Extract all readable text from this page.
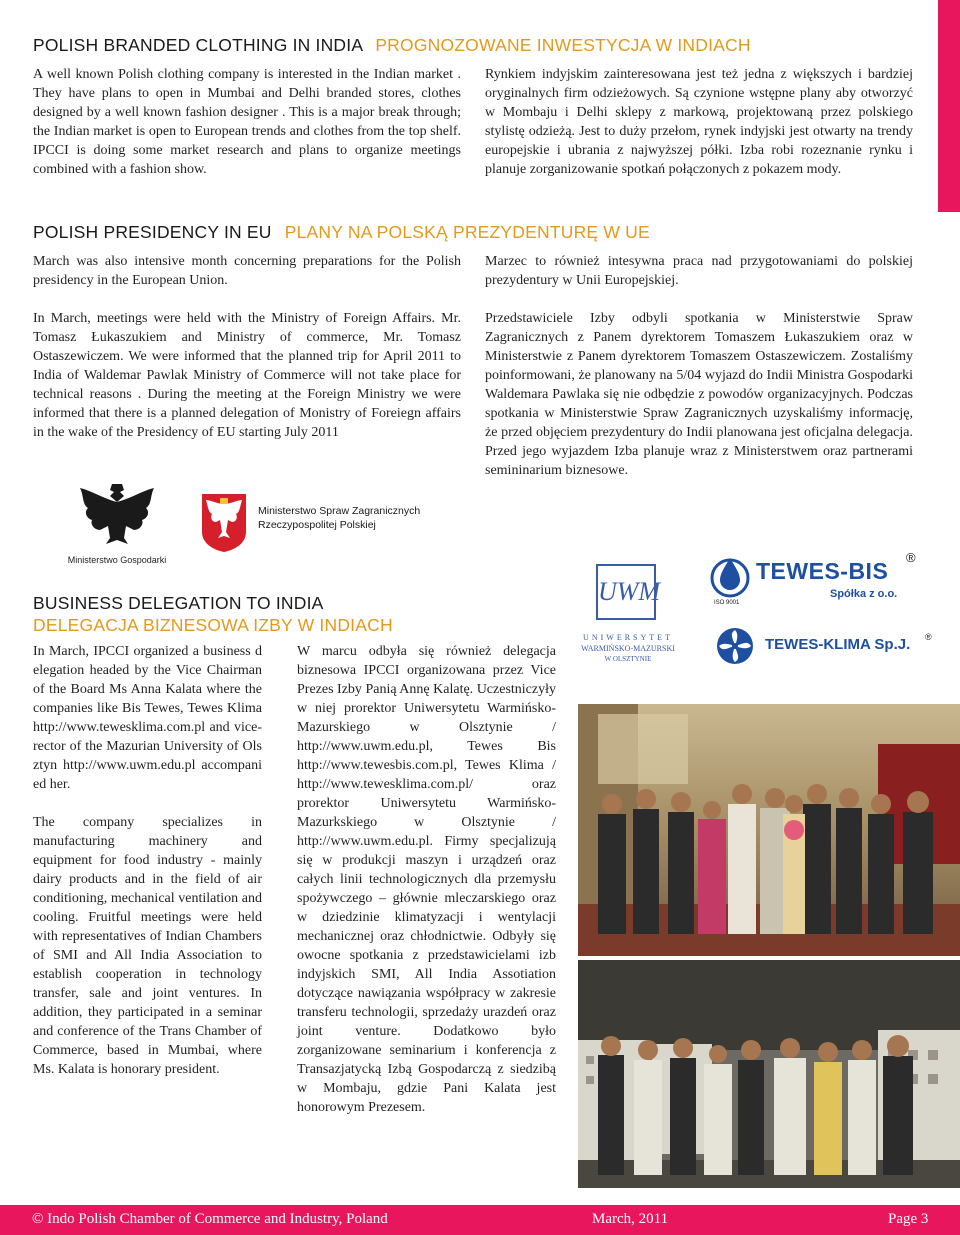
POLISH BRANDED CLOTHING IN INDIA PROGNOZOWANE INWESTYCJA W INDIACH

A well known Polish clothing company is interested in the Indian market . They have plans to open in Mumbai and Delhi branded stores, clothes designed by a well known fashion designer . This is a major break through; the Indian market is open to European trends and clothes from the top shelf. IPCCI is doing some market research and plans to organize meetings combined with a fashion show.

Rynkiem indyjskim zainteresowana jest też jedna z większych i bardziej oryginalnych firm odzieżowych. Są czynione wstępne plany aby otworzyć w Mombaju i Delhi sklepy z markową, projektowaną przez polskiego stylistę odzieżą. Jest to duży przełom, rynek indyjski jest otwarty na trendy europejskie i ubrania z najwyższej półki. Izba robi rozeznanie rynku i planuje zorganizowanie spotkań połączonych z pokazem mody.

POLISH PRESIDENCY IN EU PLANY NA POLSKĄ PREZYDENTURĘ W UE

March was also intensive month concerning preparations for the Polish presidency in the European Union.

In March, meetings were held with the Ministry of Foreign Affairs. Mr. Tomasz Łukaszukiem and Ministry of commerce, Mr. Tomasz Ostaszewiczem. We were informed that the planned trip for April 2011 to India of Waldemar Pawlak Ministry of Commerce will not take place for technical reasons . During the meeting at the Foreign Ministry we were informed that there is a planned delegation of Monistry of Foreiegn affairs in the wake of the Presidency of EU starting July 2011

Marzec to również intesywna praca nad przygotowaniami do polskiej prezydentury w Unii Europejskiej.

Przedstawiciele Izby odbyli spotkania w Ministerstwie Spraw Zagranicznych z Panem dyrektorem Tomaszem Łukaszukiem oraz w Ministerstwie z Panem dyrektorem Tomaszem Ostaszewiczem. Zostaliśmy poinformowani, że planowany na 5/04 wyjazd do Indii Ministra Gospodarki Waldemara Pawlaka się nie odbędzie z powodów organizacyjnych. Podczas spotkania w Ministerstwie Spraw Zagranicznych uzyskaliśmy informację, że przed objęciem prezydentury do Indii planowana jest oficjalna delegacja. Przed jego wyjazdem Izba planuje wraz z Ministerstwem oraz partnerami semininarium biznesowe.

Ministerstwo Gospodarki
Ministerstwo Spraw Zagranicznych
Rzeczypospolitej Polskiej
BUSINESS DELEGATION TO INDIA
DELEGACJA BIZNESOWA IZBY W INDIACH

In March, IPCCI organized a business delegation headed by the Vice Chairman of the Board Ms Anna Kalata where the companies like Bis Tewes, Tewes Klima http://www.tewesklima.com.pl and vice-rector of the Mazurian University of Olsztyn http://www.uwm.edu.pl accompanied her.

The company specializes in manufacturing machinery and equipment for food industry - mainly dairy products and in the field of air conditioning, mechanical ventilation and cooling. Fruitful meetings were held with representatives of Indian Chambers of SMI and All India Association to establish cooperation in technology transfer, sale and joint ventures. In addition, they participated in a seminar and conference of the Trans Chamber of Commerce, based in Mumbai, where Ms. Kalata is honorary president.

W marcu odbyła się również delegacja biznesowa IPCCI organizowana przez Vice Prezes Izby Panią Annę Kalatę. Uczestniczyły w niej prorektor Uniwersytetu Warmińsko- Mazurskiego w Olsztynie / http://www.uwm.edu.pl, Tewes Bis http://www.tewesbis.com.pl, Tewes Klima / http://www.tewesklima.com.pl/ oraz prorektor Uniwersytetu Warmińsko-Mazurkskiego w Olsztynie / http://www.uwm.edu.pl. Firmy specjalizują się w produkcji maszyn i urządzeń oraz całych linii technologicznych dla przemysłu spożywczego – głównie mleczarskiego oraz w dziedzinie klimatyzacji i wentylacji mechanicznej oraz chłodnictwie. Odbyły się owocne spotkania z przedstawicielami izb indyjskich SMI, All India Assotiation dotyczące nawiązania współpracy w zakresie transferu technologii, sprzedaży urazdeń oraz joint venture. Dodatkowo było zorganizowane seminarium i konferencja z Transazjatycką Izbą Gospodarczą z siedzibą w Mombaju, gdzie Pani Kalata jest honorowym Prezesem.

UWM
UNIWERSYTET
WARMIŃSKO-MAZURSKI
W OLSZTYNIE
TEWES-BIS
®
Spółka z o.o.
ISO 9001
TEWES-KLIMA Sp.J. ®
© Indo Polish Chamber of Commerce and Industry, Poland	March, 2011	Page 3
